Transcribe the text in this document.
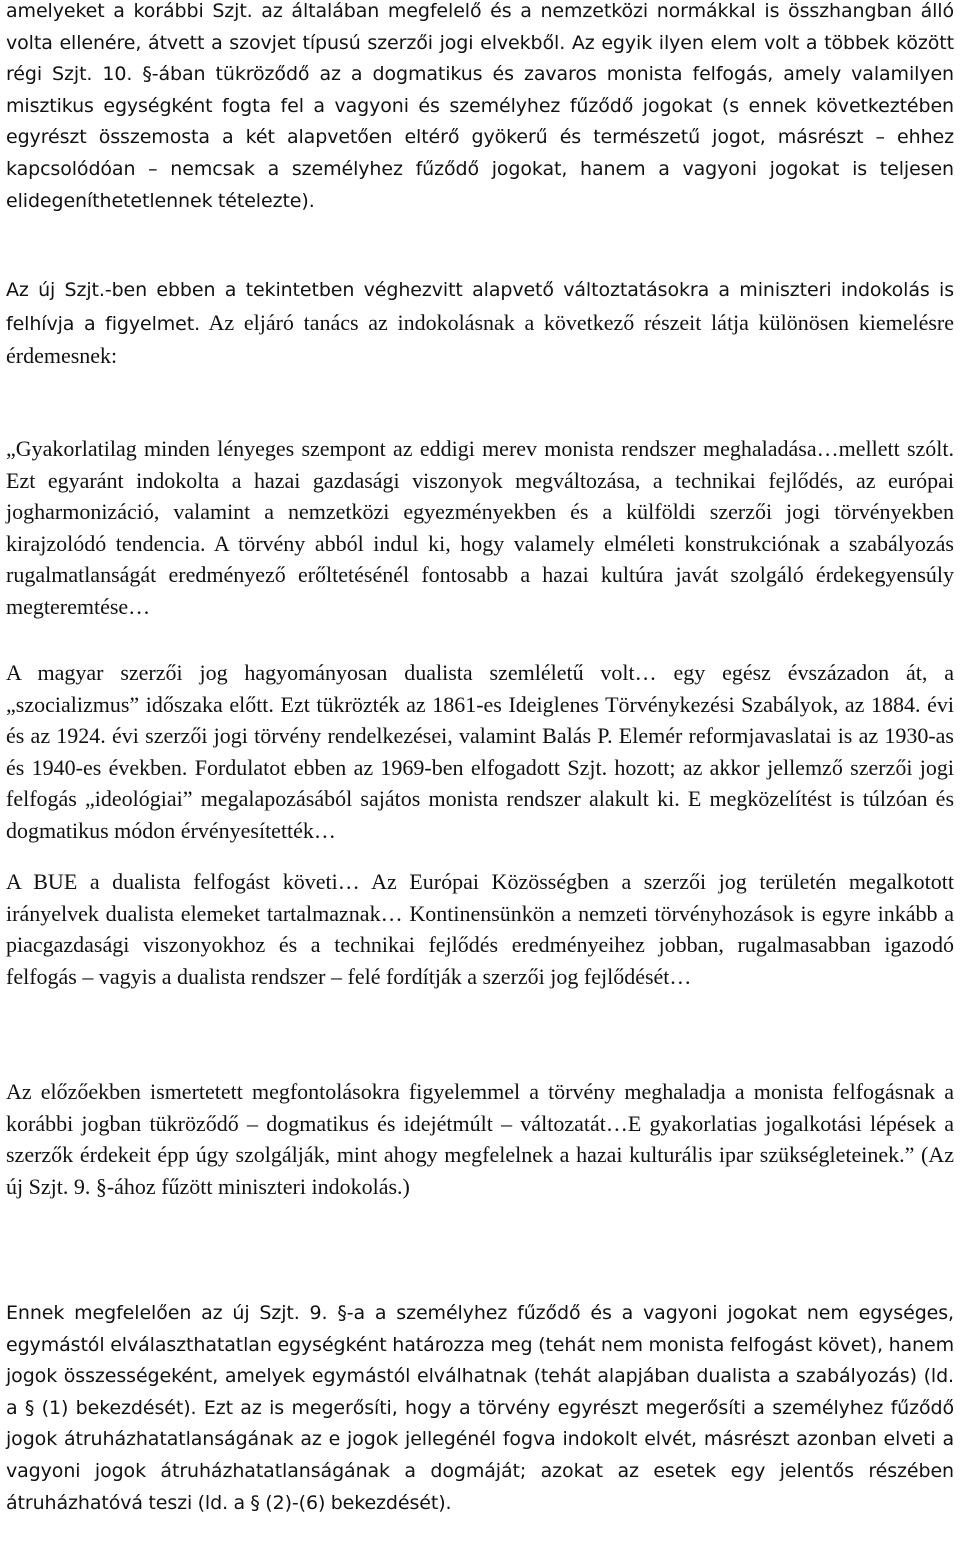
amelyeket a korábbi Szjt. az általában megfelelő és a nemzetközi normákkal is összhangban álló volta ellenére, átvett a szovjet típusú szerzői jogi elvekből. Az egyik ilyen elem volt a többek között régi Szjt. 10. §-ában tükröződő az a dogmatikus és zavaros monista felfogás, amely valamilyen misztikus egységként fogta fel a vagyoni és személyhez fűződő jogokat (s ennek következtében egyrészt összemosta a két alapvetően eltérő gyökerű és természetű jogot, másrészt – ehhez kapcsolódóan – nemcsak a személyhez fűződő jogokat, hanem a vagyoni jogokat is teljesen elidegeníthetetlennek tételezte).

Az új Szjt.-ben ebben a tekintetben véghezvitt alapvető változtatásokra a miniszteri indokolás is felhívja a figyelmet. Az eljáró tanács az indokolásnak a következő részeit látja különösen kiemelésre érdemesnek:

„Gyakorlatilag minden lényeges szempont az eddigi merev monista rendszer meghaladása…mellett szólt. Ezt egyaránt indokolta a hazai gazdasági viszonyok megváltozása, a technikai fejlődés, az európai jogharmonizáció, valamint a nemzetközi egyezményekben és a külföldi szerzői jogi törvényekben kirajzolódó tendencia. A törvény abból indul ki, hogy valamely elméleti konstrukciónak a szabályozás rugalmatlanságát eredményező erőltetésénél fontosabb a hazai kultúra javát szolgáló érdekegyensúly megteremtése…

A magyar szerzői jog hagyományosan dualista szemléletű volt… egy egész évszázadon át, a „szocializmus” időszaka előtt. Ezt tükrözték az 1861-es Ideiglenes Törvénykezési Szabályok, az 1884. évi és az 1924. évi szerzői jogi törvény rendelkezései, valamint Balás P. Elemér reformjavaslatai is az 1930-as és 1940-es években. Fordulatot ebben az 1969-ben elfogadott Szjt. hozott; az akkor jellemző szerzői jogi felfogás „ideológiai” megalapozásából sajátos monista rendszer alakult ki. E megközelítést is túlzóan és dogmatikus módon érvényesítették…

A BUE a dualista felfogást követi… Az Európai Közösségben a szerzői jog területén megalkotott irányelvek dualista elemeket tartalmaznak… Kontinensünkön a nemzeti törvényhozások is egyre inkább a piacgazdasági viszonyokhoz és a technikai fejlődés eredményeihez jobban, rugalmasabban igazodó felfogás – vagyis a dualista rendszer – felé fordítják a szerzői jog fejlődését…

Az előzőekben ismertetett megfontolásokra figyelemmel a törvény meghaladja a monista felfogásnak a korábbi jogban tükröződő – dogmatikus és idejétmúlt – változatát…E gyakorlatias jogalkotási lépések a szerzők érdekeit épp úgy szolgálják, mint ahogy megfelelnek a hazai kulturális ipar szükségleteinek.” (Az új Szjt. 9. §-ához fűzött miniszteri indokolás.)

Ennek megfelelően az új Szjt. 9. §-a a személyhez fűződő és a vagyoni jogokat nem egységes, egymástól elválaszthatatlan egységként határozza meg (tehát nem monista felfogást követ), hanem jogok összességeként, amelyek egymástól elválhatnak (tehát alapjában dualista a szabályozás) (ld. a § (1) bekezdését). Ezt az is megerősíti, hogy a törvény egyrészt megerősíti a személyhez fűződő jogok átruházhatatlanságának az e jogok jellegénél fogva indokolt elvét, másrészt azonban elveti a vagyoni jogok átruházhatatlanságának a dogmáját; azokat az esetek egy jelentős részében átruházhatóvá teszi (ld. a § (2)-(6) bekezdését).
